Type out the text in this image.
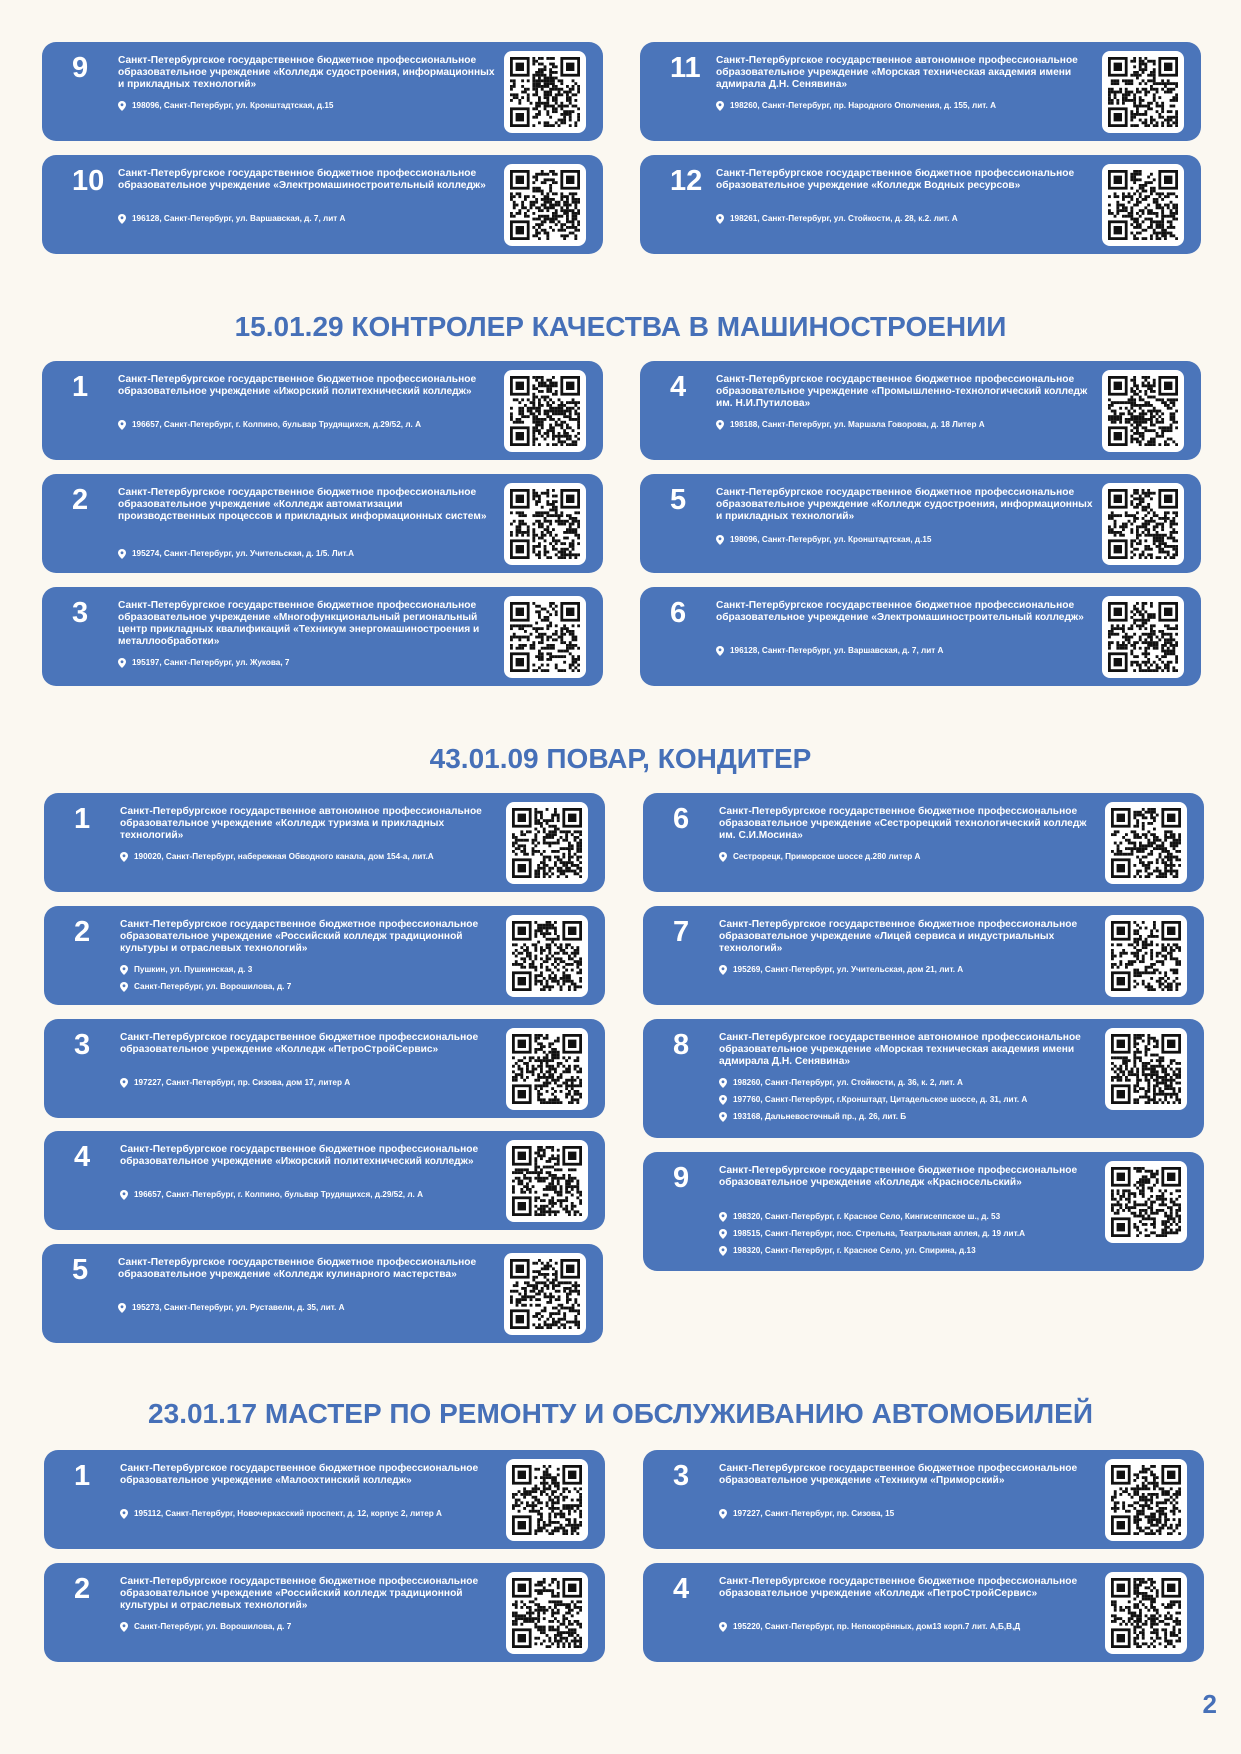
9	Санкт-Петербургское государственное бюджетное профессиональное образовательное учреждение «Колледж судостроения, информационных и прикладных технологий»
198096, Санкт-Петербург, ул. Кронштадтская, д.15
10	Санкт-Петербургское государственное бюджетное профессиональное образовательное учреждение «Электромашиностроительный колледж»
196128, Санкт-Петербург, ул. Варшавская, д. 7, лит А
11	Санкт-Петербургское государственное автономное профессиональное образовательное учреждение «Морская техническая академия имени адмирала Д.Н. Сенявина»
198260, Санкт-Петербург, пр. Народного Ополчения, д. 155, лит. А
12	Санкт-Петербургское государственное бюджетное профессиональное образовательное учреждение «Колледж Водных ресурсов»
198261, Санкт-Петербург, ул. Стойкости, д. 28, к.2. лит. А
15.01.29 КОНТРОЛЕР КАЧЕСТВА В МАШИНОСТРОЕНИИ
1	Санкт-Петербургское государственное бюджетное профессиональное образовательное учреждение «Ижорский политехнический колледж»
196657, Санкт-Петербург, г. Колпино, бульвар Трудящихся, д.29/52, л. А
2	Санкт-Петербургское государственное бюджетное профессиональное образовательное учреждение «Колледж автоматизации производственных процессов и прикладных информационных систем»
195274, Санкт-Петербург, ул. Учительская, д. 1/5. Лит.А
3	Санкт-Петербургское государственное бюджетное профессиональное образовательное учреждение «Многофункциональный региональный центр прикладных квалификаций «Техникум энергомашиностроения и металлообработки»
195197, Санкт-Петербург, ул. Жукова, 7
4	Санкт-Петербургское государственное бюджетное профессиональное образовательное учреждение «Промышленно-технологический колледж им. Н.И.Путилова»
198188, Санкт-Петербург, ул. Маршала Говорова, д. 18 Литер А
5	Санкт-Петербургское государственное бюджетное профессиональное образовательное учреждение «Колледж судостроения, информационных и прикладных технологий»
198096, Санкт-Петербург, ул. Кронштадтская, д.15
6	Санкт-Петербургское государственное бюджетное профессиональное образовательное учреждение «Электромашиностроительный колледж»
196128, Санкт-Петербург, ул. Варшавская, д. 7, лит А
43.01.09 ПОВАР, КОНДИТЕР
1	Санкт-Петербургское государственное автономное профессиональное образовательное учреждение «Колледж туризма и прикладных технологий»
190020, Санкт-Петербург, набережная Обводного канала, дом 154-а, лит.А
2	Санкт-Петербургское государственное бюджетное профессиональное образовательное учреждение «Российский колледж традиционной культуры и отраслевых технологий»
Пушкин, ул. Пушкинская, д. 3
Санкт-Петербург, ул. Ворошилова, д. 7
3	Санкт-Петербургское государственное бюджетное профессиональное образовательное учреждение «Колледж «ПетроСтройСервис»
197227, Санкт-Петербург, пр. Сизова, дом 17, литер А
4	Санкт-Петербургское государственное бюджетное профессиональное образовательное учреждение «Ижорский политехнический колледж»
196657, Санкт-Петербург, г. Колпино, бульвар Трудящихся, д.29/52, л. А
5	Санкт-Петербургское государственное бюджетное профессиональное образовательное учреждение «Колледж кулинарного мастерства»
195273, Санкт-Петербург, ул. Руставели, д. 35, лит. А
6	Санкт-Петербургское государственное бюджетное профессиональное образовательное учреждение «Сестрорецкий технологический колледж им. С.И.Мосина»
Сестрорецк, Приморское шоссе д.280 литер А
7	Санкт-Петербургское государственное бюджетное профессиональное образовательное учреждение «Лицей сервиса и индустриальных технологий»
195269, Санкт-Петербург, ул. Учительская, дом 21, лит. А
8	Санкт-Петербургское государственное автономное профессиональное образовательное учреждение «Морская техническая академия имени адмирала Д.Н. Сенявина»
198260, Санкт-Петербург, ул. Стойкости, д. 36, к. 2, лит. А
197760, Санкт-Петербург, г.Кронштадт, Цитадельское шоссе, д. 31, лит. А
193168, Дальневосточный пр., д. 26, лит. Б
9	Санкт-Петербургское государственное бюджетное профессиональное образовательное учреждение «Колледж «Красносельский»
198320, Санкт-Петербург, г. Красное Село, Кингисеппское ш., д. 53
198515, Санкт-Петербург, пос. Стрельна, Театральная аллея, д. 19 лит.А
198320, Санкт-Петербург, г. Красное Село, ул. Спирина, д.13
23.01.17 МАСТЕР ПО РЕМОНТУ И ОБСЛУЖИВАНИЮ АВТОМОБИЛЕЙ
1	Санкт-Петербургское государственное бюджетное профессиональное образовательное учреждение «Малоохтинский колледж»
195112, Санкт-Петербург, Новочеркасский проспект, д. 12, корпус 2, литер А
2	Санкт-Петербургское государственное бюджетное профессиональное образовательное учреждение «Российский колледж традиционной культуры и отраслевых технологий»
Санкт-Петербург, ул. Ворошилова, д. 7
3	Санкт-Петербургское государственное бюджетное профессиональное образовательное учреждение «Техникум «Приморский»
197227, Санкт-Петербург, пр. Сизова, 15
4	Санкт-Петербургское государственное бюджетное профессиональное образовательное учреждение «Колледж «ПетроСтройСервис»
195220, Санкт-Петербург, пр. Непокорённых, дом13 корп.7 лит. А,Б,В,Д
2
